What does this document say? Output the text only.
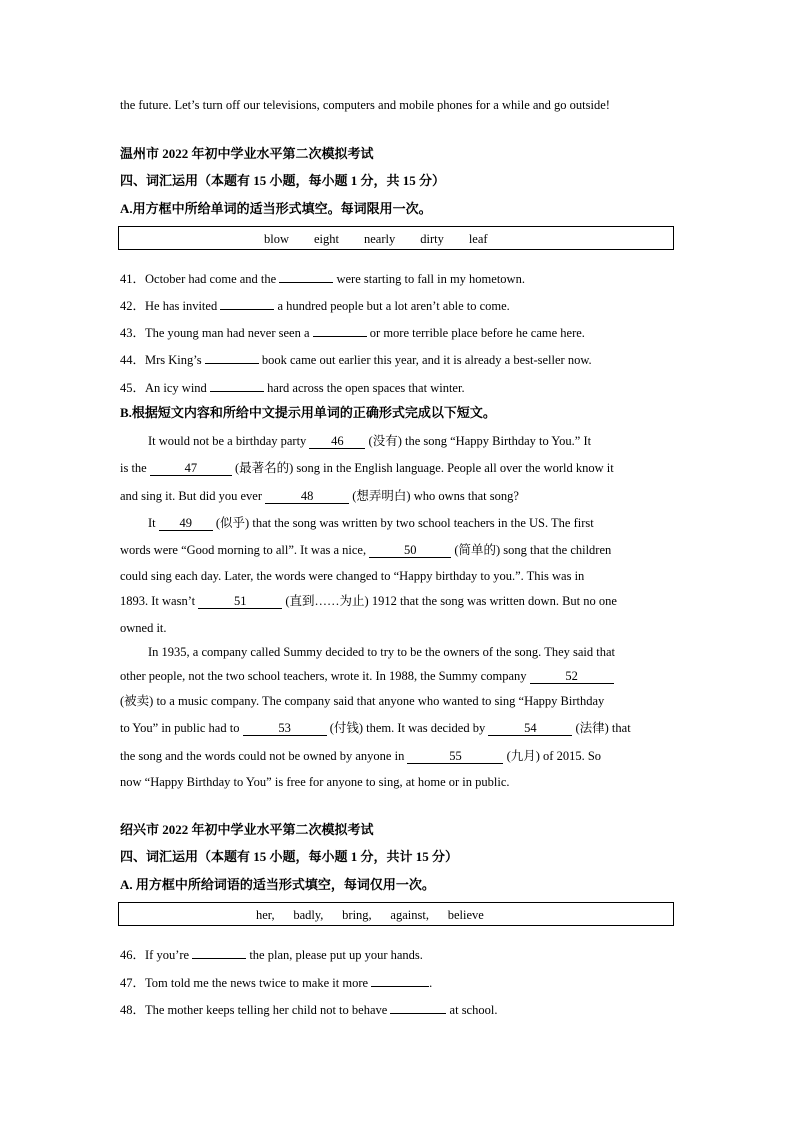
the future. Let’s turn off our televisions, computers and mobile phones for a while and go outside!
温州市 2022 年初中学业水平第二次模拟考试
四、词汇运用（本题有 15 小题，每小题 1 分，共 15 分）
A.用方框中所给单词的适当形式填空。每词限用一次。
blow        eight        nearly        dirty        leaf
41．October had come and the	were starting to fall in my hometown.
42．He has invited	a hundred people but a lot aren’t able to come.
43．The young man had never seen a	or more terrible place before he came here.
44．Mrs King’s	book came out earlier this year, and it is already a best-seller now.
45．An icy wind	hard across the open spaces that winter.
B.根据短文内容和所给中文提示用单词的正确形式完成以下短文。
It would not be a birthday party 46 (没有) the song “Happy Birthday to You.” It
is the	47	(最著名的) song in the English language. People all over the world know it
and sing it. But did you ever	48	(想弄明白) who owns that song?
It 49 (似乎) that the song was written by two school teachers in the US. The first
words were “Good morning to all”. It was a nice,	50	(简单的) song that the children
could sing each day. Later, the words were changed to “Happy birthday to you.”. This was in
1893. It wasn’t	51	(直到……为止) 1912 that the song was written down. But no one
owned it.
In 1935, a company called Summy decided to try to be the owners of the song. They said that
other people, not the two school teachers, wrote it. In 1988, the Summy company	52
(被卖) to a music company. The company said that anyone who wanted to sing “Happy Birthday
to You” in public had to	53	(付钱) them. It was decided by	54	(法律) that
the song and the words could not be owned by anyone in	55	(九月) of 2015. So
now “Happy Birthday to You” is free for anyone to sing, at home or in public.
绍兴市 2022 年初中学业水平第二次模拟考试
四、词汇运用（本题有 15 小题，每小题 1 分，共计 15 分）
A. 用方框中所给词语的适当形式填空，每词仅用一次。
her,      badly,      bring,      against,      believe
46．If you’re	the plan, please put up your hands.
47．Tom told me the news twice to make it more	.
48．The mother keeps telling her child not to behave	at school.
